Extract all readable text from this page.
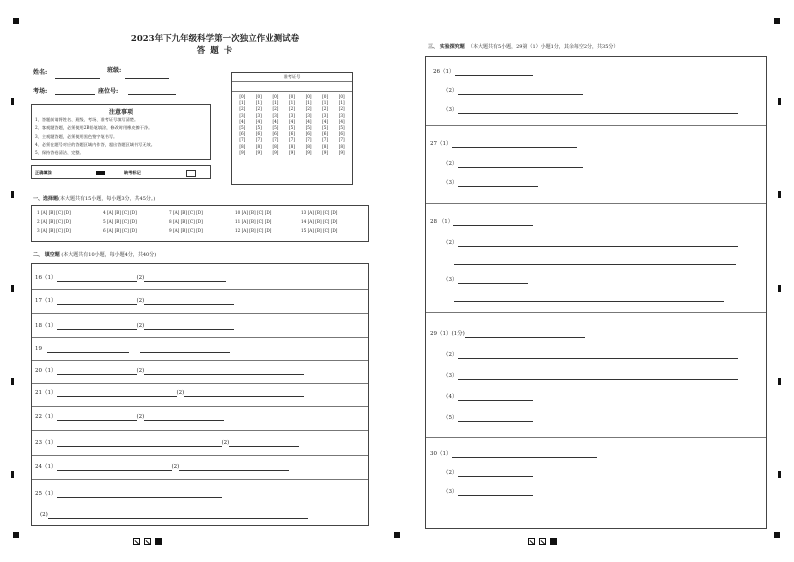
2023年下九年级科学第一次独立作业测试卷
答 题 卡
姓名:	班级:
考场:	座位号:
准考证号
[0]	[0]	[0]	[0]	[0]	[0]	[0]
[1]	[1]	[1]	[1]	[1]	[1]	[1]
[2]	[2]	[2]	[2]	[2]	[2]	[2]
[3]	[3]	[3]	[3]	[3]	[3]	[3]
[4]	[4]	[4]	[4]	[4]	[4]	[4]
[5]	[5]	[5]	[5]	[5]	[5]	[5]
[6]	[6]	[6]	[6]	[6]	[6]	[6]
[7]	[7]	[7]	[7]	[7]	[7]	[7]
[8]	[8]	[8]	[8]	[8]	[8]	[8]
[9]	[9]	[9]	[9]	[9]	[9]	[9]
注意事项
1、答题前请将姓名、班级、考场、准考证号填写清楚。
2、客观题答题，必须使用2B铅笔填涂，修改时用橡皮擦干净。
3、主观题答题，必须使用黑色签字笔书写。
4、必须在题号对应的答题区域内作答，超出答题区域书写无效。
5、保持答卷清洁、完整。
正确填涂	缺考标记
一、选择题(本大题共有15小题，每小题3分，共45分。)
1 [A] [B] [C] [D]
2 [A] [B] [C] [D]
3 [A] [B] [C] [D]
4 [A] [B] [C] [D]
5 [A] [B] [C] [D]
6 [A] [B] [C] [D]
7 [A] [B] [C] [D]
8 [A] [B] [C] [D]
9 [A] [B] [C] [D]
10 [A] [B] [C] [D]
11 [A] [B] [C] [D]
12 [A] [B] [C] [D]
13 [A] [B] [C] [D]
14 [A] [B] [C] [D]
15 [A] [B] [C] [D]
二、 填空题 (本大题共有10小题，每小题4分，共40分)
16（1）	(2)
17（1）	(2)
18（1）	(2)
19
20（1）	(2)
21（1）	(2)
22（1）	(2)
23（1）	(2)
24（1）	(2)
25（1）
(2)
三、 实验探究题 （本大题共有5小题，29第（1）小题1分，其余每空2分，共35分）
26（1）
（2）
（3）
27（1）
（2）
（3）
28 （1）
（2）
（3）
29（1）(1分)
（2）
（3）
（4）
（5）
30（1）
（2）
（3）
